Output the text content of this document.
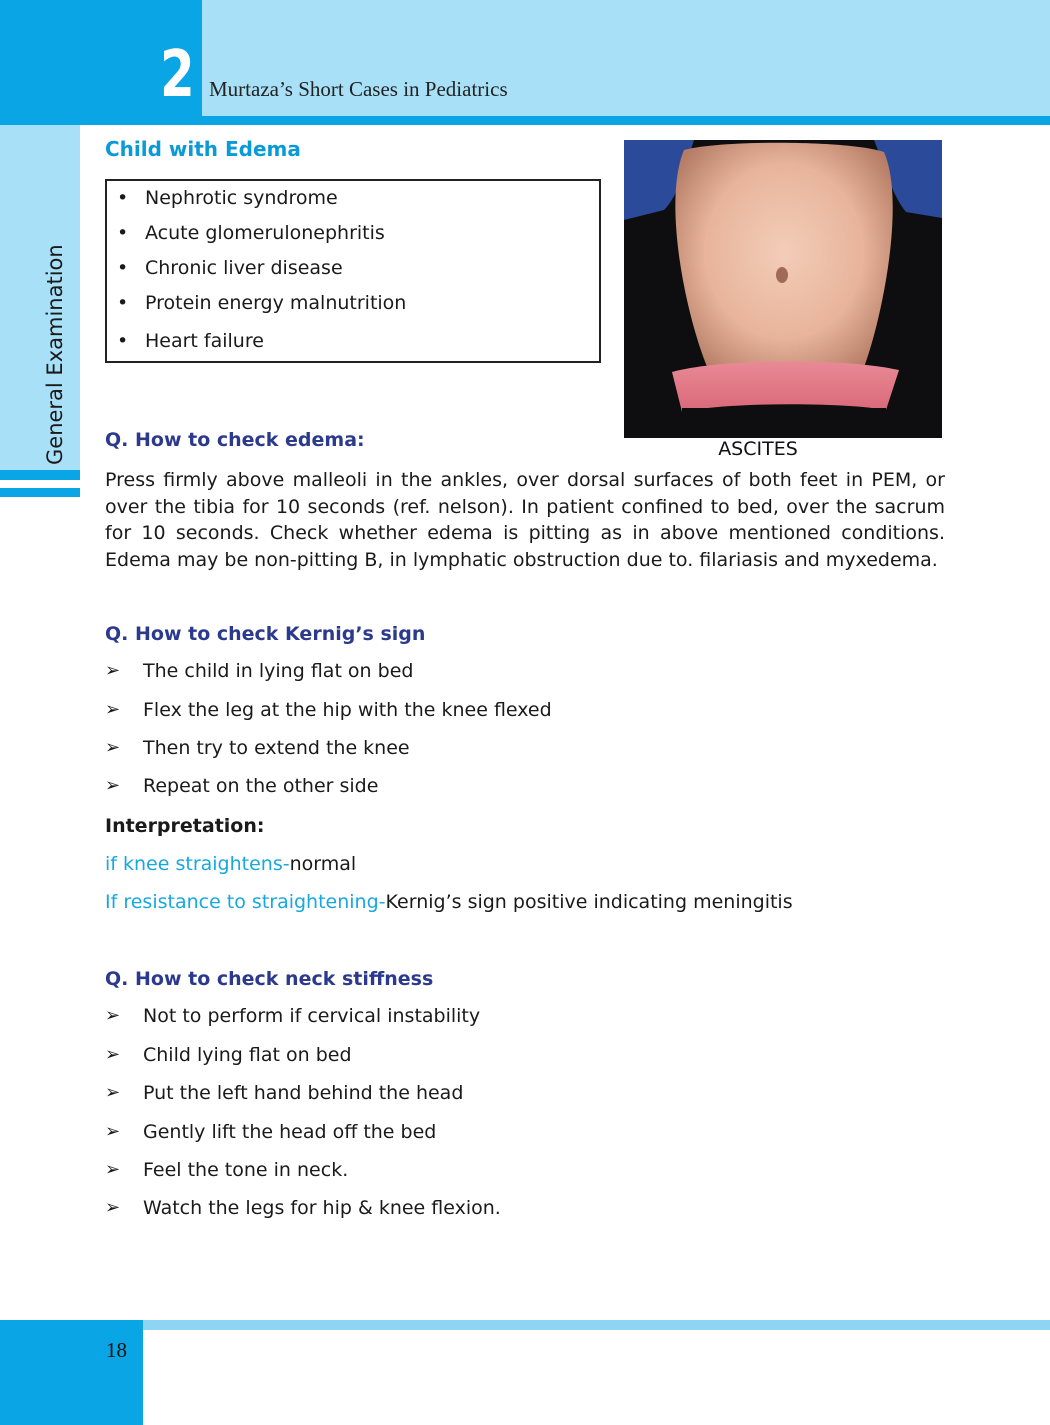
2 Murtaza’s Short Cases in Pediatrics
General Examination
Child with Edema
• Nephrotic syndrome
• Acute glomerulonephritis
• Chronic liver disease
• Protein energy malnutrition
• Heart failure
ASCITES
Q. How to check edema:
Press firmly above malleoli in the ankles, over dorsal surfaces of both feet in PEM, or over the tibia for 10 seconds (ref. nelson). In patient confined to bed, over the sacrum for 10 seconds. Check whether edema is pitting as in above mentioned conditions. Edema may be non-pitting B, in lymphatic obstruction due to. filariasis and myxedema.
Q. How to check Kernig’s sign
➢ The child in lying flat on bed
➢ Flex the leg at the hip with the knee flexed
➢ Then try to extend the knee
➢ Repeat on the other side
Interpretation:
if knee straightens-normal
If resistance to straightening-Kernig’s sign positive indicating meningitis
Q. How to check neck stiffness
➢ Not to perform if cervical instability
➢ Child lying flat on bed
➢ Put the left hand behind the head
➢ Gently lift the head off the bed
➢ Feel the tone in neck.
➢ Watch the legs for hip & knee flexion.
18
